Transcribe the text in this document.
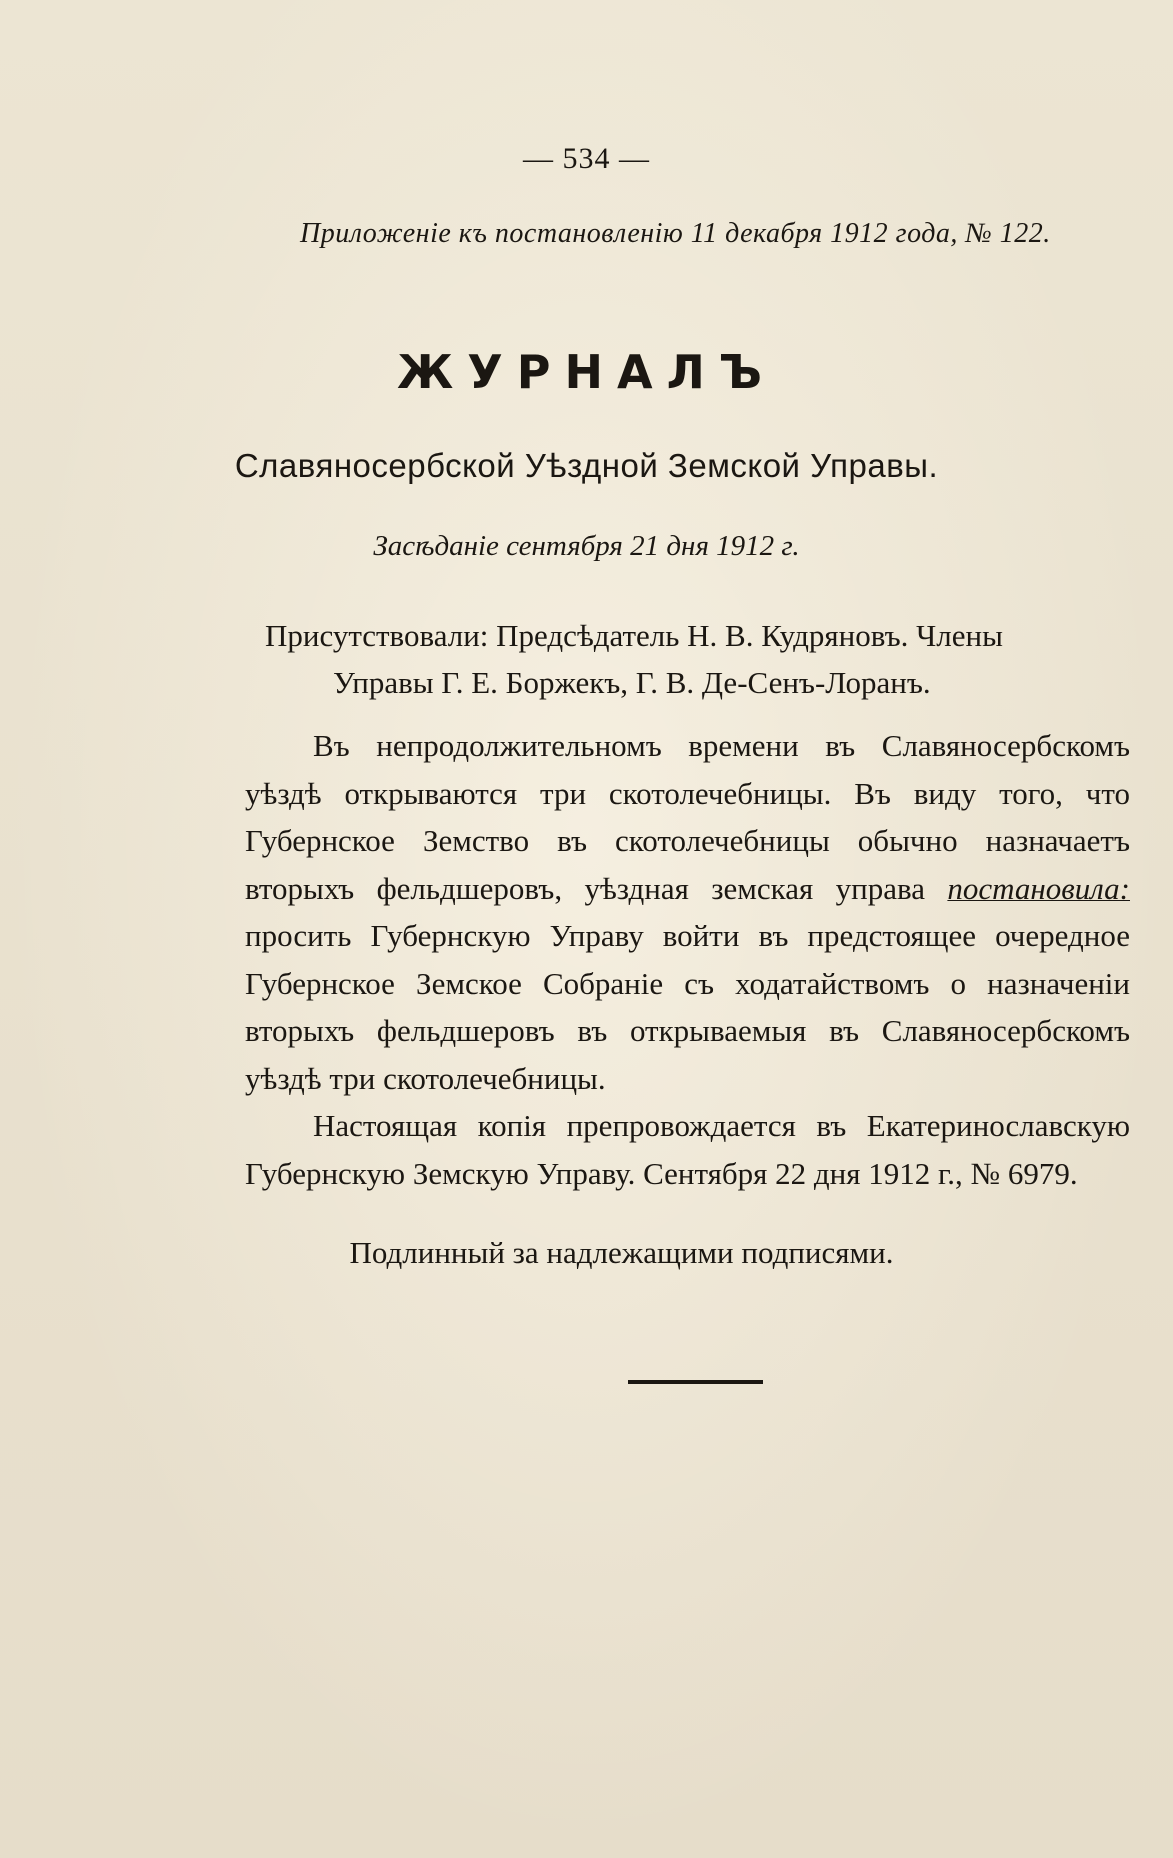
— 534 —
Приложеніе къ постановленію 11 декабря 1912 года, № 122.
ЖУРНАЛЪ
Славяносербской Уѣздной Земской Управы.
Засѣданіе сентября 21 дня 1912 г.
Присутствовали: Предсѣдатель Н. В. Кудряновъ. Члены
Управы Г. Е. Боржекъ, Г. В. Де-Сенъ-Лоранъ.

Въ непродолжительномъ времени въ Славяносербскомъ уѣздѣ открываются три скотолечебницы. Въ виду того, что Губернское Земство въ скотолечебницы обычно назначаетъ вторыхъ фельдшеровъ, уѣздная земская управа постановила: просить Губернскую Управу войти въ предстоящее очередное Губернское Земское Собраніе съ ходатайствомъ о назначеніи вторыхъ фельдшеровъ въ открываемыя въ Славяносербскомъ уѣздѣ три скотолечебницы.

Настоящая копія препровождается въ Екатеринославскую Губернскую Земскую Управу. Сентября 22 дня 1912 г., № 6979.

Подлинный за надлежащими подписями.
